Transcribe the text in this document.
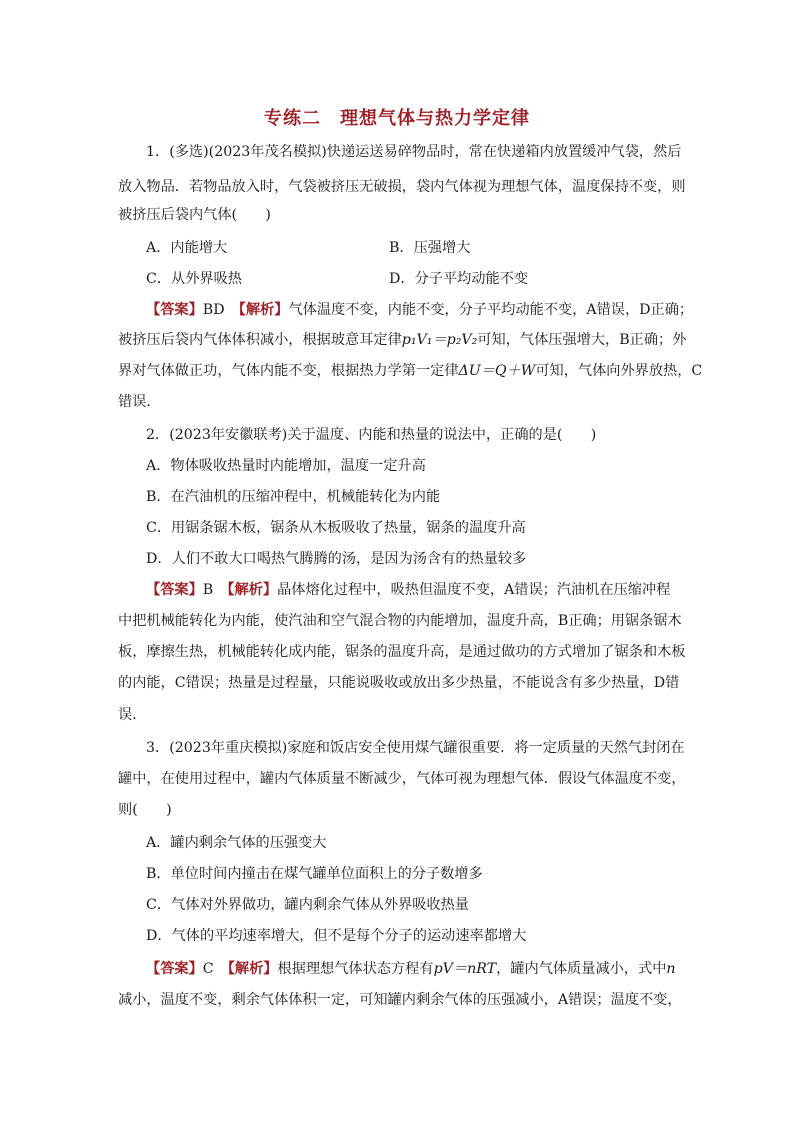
专练二　理想气体与热力学定律
1．(多选)(2023年茂名模拟)快递运送易碎物品时，常在快递箱内放置缓冲气袋，然后
放入物品．若物品放入时，气袋被挤压无破损，袋内气体视为理想气体，温度保持不变，则
被挤压后袋内气体(　　)
A．内能增大	B．压强增大
C．从外界吸热	D．分子平均动能不变
【答案】BD　 【解析】气体温度不变，内能不变，分子平均动能不变，A错误，D正确；
被挤压后袋内气体体积减小，根据玻意耳定律p₁V₁＝p₂V₂可知，气体压强增大，B正确；外
界对气体做正功，气体内能不变，根据热力学第一定律ΔU＝Q＋W可知，气体向外界放热，C
错误．
2．(2023年安徽联考)关于温度、内能和热量的说法中，正确的是(　　)
A．物体吸收热量时内能增加，温度一定升高
B．在汽油机的压缩冲程中，机械能转化为内能
C．用锯条锯木板，锯条从木板吸收了热量，锯条的温度升高
D．人们不敢大口喝热气腾腾的汤，是因为汤含有的热量较多
【答案】B　 【解析】晶体熔化过程中，吸热但温度不变，A错误；汽油机在压缩冲程
中把机械能转化为内能，使汽油和空气混合物的内能增加，温度升高，B正确；用锯条锯木
板，摩擦生热，机械能转化成内能，锯条的温度升高，是通过做功的方式增加了锯条和木板
的内能，C错误；热量是过程量，只能说吸收或放出多少热量，不能说含有多少热量，D错
误．
3．(2023年重庆模拟)家庭和饭店安全使用煤气罐很重要．将一定质量的天然气封闭在
罐中，在使用过程中，罐内气体质量不断减少，气体可视为理想气体．假设气体温度不变，
则(　　)
A．罐内剩余气体的压强变大
B．单位时间内撞击在煤气罐单位面积上的分子数增多
C．气体对外界做功，罐内剩余气体从外界吸收热量
D．气体的平均速率增大，但不是每个分子的运动速率都增大
【答案】C　 【解析】根据理想气体状态方程有pV＝nRT，罐内气体质量减小，式中n
减小，温度不变，剩余气体体积一定，可知罐内剩余气体的压强减小，A错误；温度不变，
